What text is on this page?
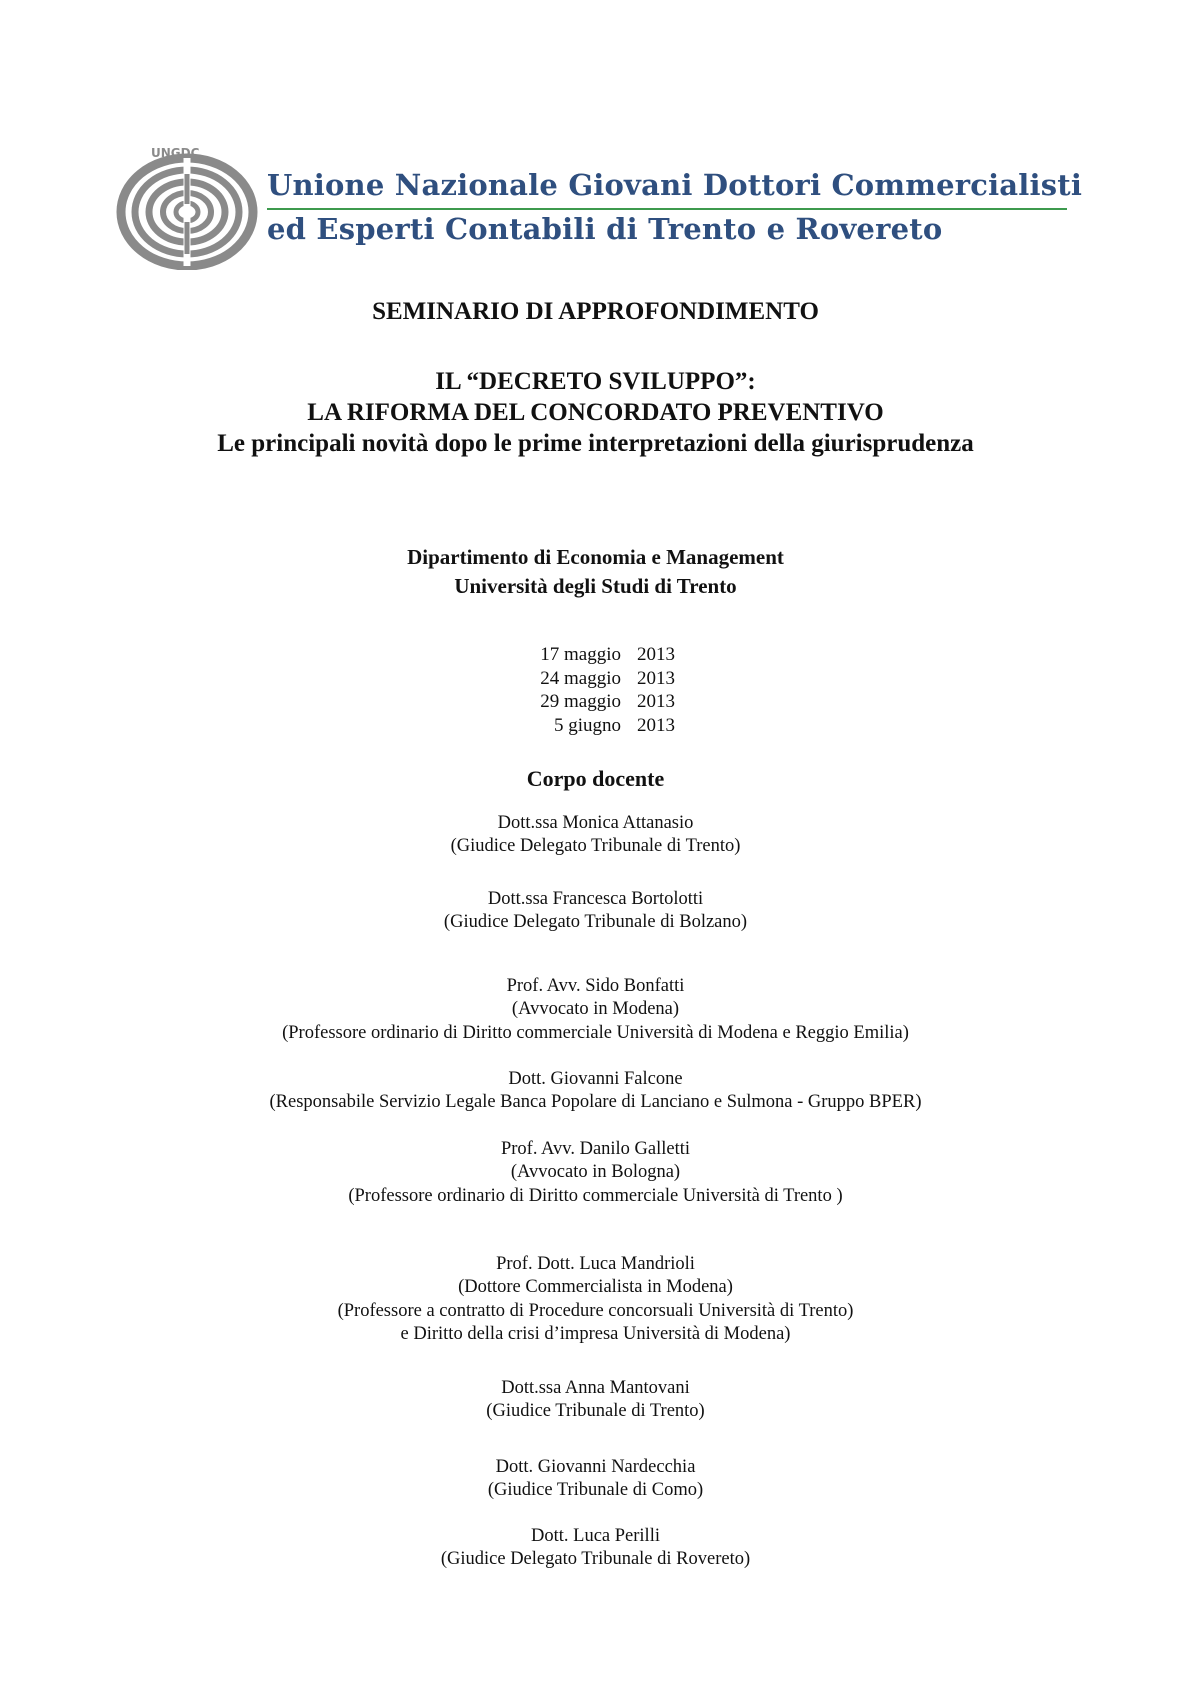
UNGDC
Unione Nazionale Giovani Dottori Commercialisti
ed Esperti Contabili di Trento e Rovereto
SEMINARIO DI APPROFONDIMENTO
IL “DECRETO SVILUPPO”:
LA RIFORMA DEL CONCORDATO PREVENTIVO
Le principali novità dopo le prime interpretazioni della giurisprudenza
Dipartimento di Economia e Management
Università degli Studi di Trento
17 maggio 2013
24 maggio 2013
29 maggio 2013
5 giugno 2013
Corpo docente
Dott.ssa Monica Attanasio
(Giudice Delegato Tribunale di Trento)
Dott.ssa Francesca Bortolotti
(Giudice Delegato Tribunale di Bolzano)
Prof. Avv. Sido Bonfatti
(Avvocato in Modena)
(Professore ordinario di Diritto commerciale Università di Modena e Reggio Emilia)
Dott. Giovanni Falcone
(Responsabile Servizio Legale Banca Popolare di Lanciano e Sulmona - Gruppo BPER)
Prof. Avv. Danilo Galletti
(Avvocato in Bologna)
(Professore ordinario di Diritto commerciale Università di Trento )
Prof. Dott. Luca Mandrioli
(Dottore Commercialista in Modena)
(Professore a contratto di Procedure concorsuali Università di Trento)
e Diritto della crisi d’impresa Università di Modena)
Dott.ssa Anna Mantovani
(Giudice Tribunale di Trento)
Dott. Giovanni Nardecchia
(Giudice Tribunale di Como)
Dott. Luca Perilli
(Giudice Delegato Tribunale di Rovereto)
